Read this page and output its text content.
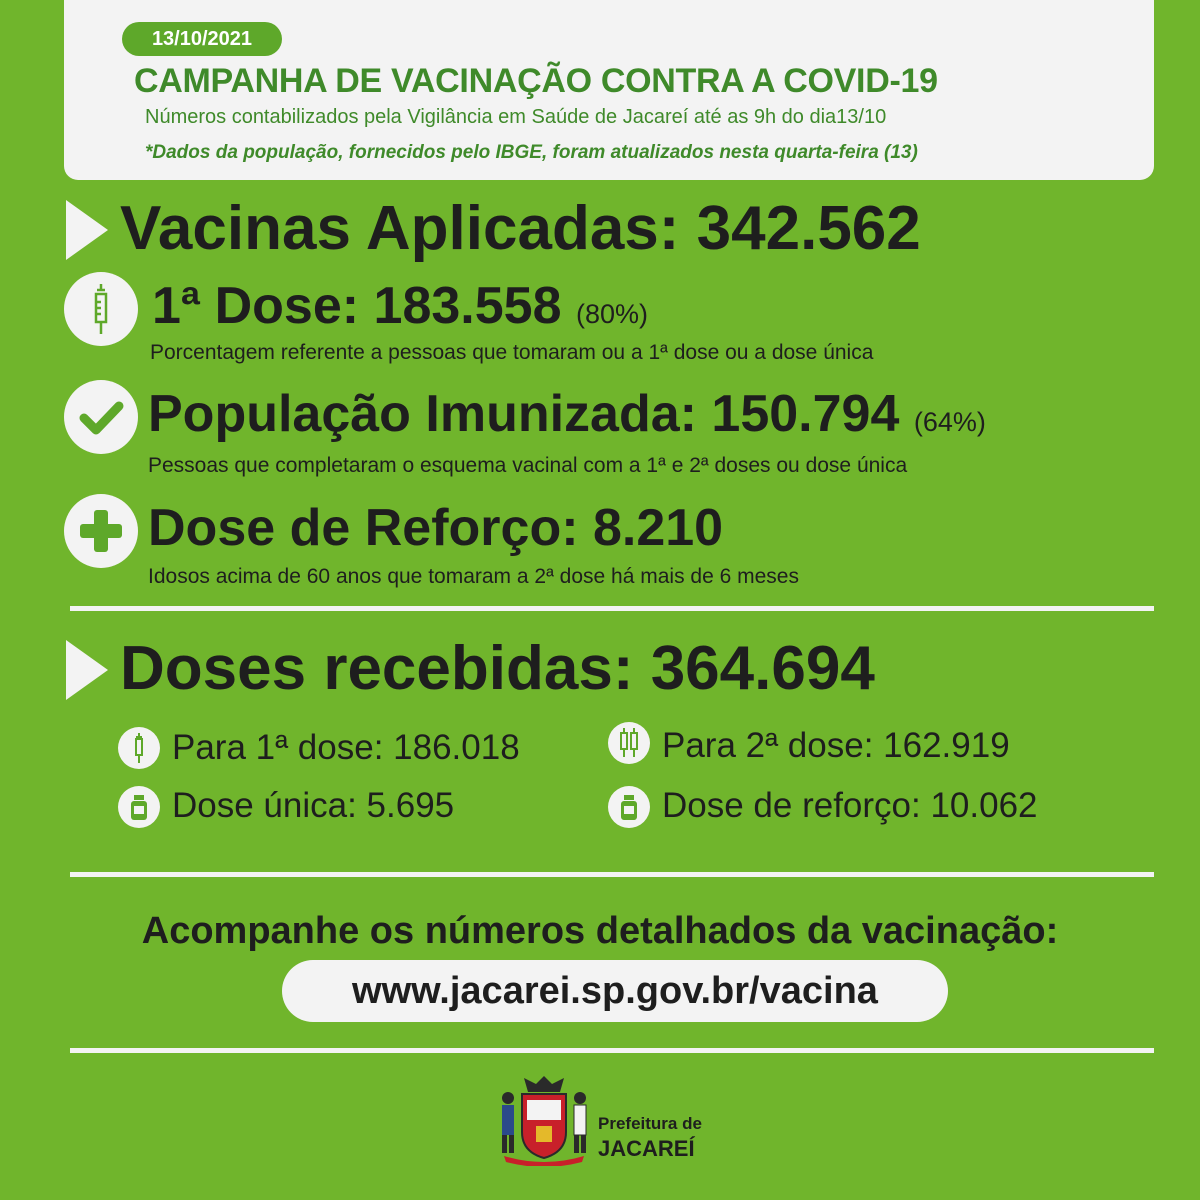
13/10/2021
CAMPANHA DE VACINAÇÃO CONTRA A COVID-19
Números contabilizados pela Vigilância em Saúde de Jacareí até as 9h do dia13/10
*Dados da população, fornecidos pelo IBGE, foram atualizados nesta quarta-feira (13)
Vacinas Aplicadas: 342.562
1ª Dose: 183.558 (80%)
Porcentagem referente a pessoas que tomaram ou a 1ª dose ou a dose única
População Imunizada: 150.794 (64%)
Pessoas que completaram o esquema vacinal com a 1ª e 2ª doses ou dose única
Dose de Reforço: 8.210
Idosos acima de 60 anos que tomaram a 2ª dose há mais de 6 meses
Doses recebidas: 364.694
Para 1ª dose: 186.018	Para 2ª dose: 162.919
Dose única: 5.695	Dose de reforço: 10.062
Acompanhe os números detalhados da vacinação:
www.jacarei.sp.gov.br/vacina
Prefeitura de
JACAREÍ
